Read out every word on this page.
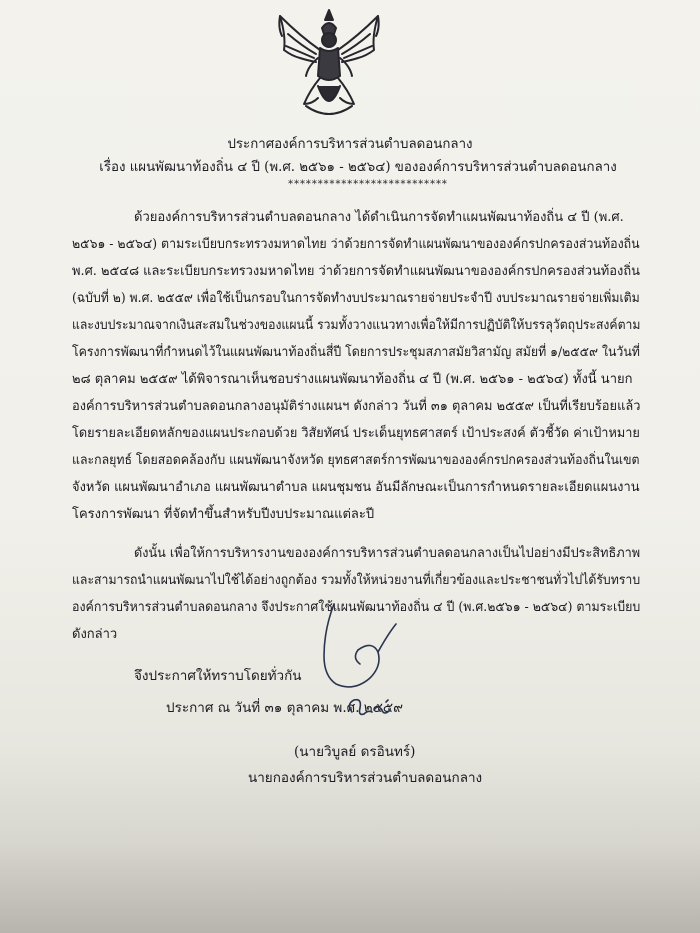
ประกาศองค์การบริหารส่วนตำบลดอนกลาง
เรื่อง แผนพัฒนาท้องถิ่น ๔ ปี (พ.ศ. ๒๕๖๑ - ๒๕๖๔) ขององค์การบริหารส่วนตำบลดอนกลาง
***************************
ด้วยองค์การบริหารส่วนตำบลดอนกลาง ได้ดำเนินการจัดทำแผนพัฒนาท้องถิ่น ๔ ปี (พ.ศ.
๒๕๖๑ - ๒๕๖๔) ตามระเบียบกระทรวงมหาดไทย ว่าด้วยการจัดทำแผนพัฒนาขององค์กรปกครองส่วนท้องถิ่น
พ.ศ. ๒๕๔๘ และระเบียบกระทรวงมหาดไทย ว่าด้วยการจัดทำแผนพัฒนาขององค์กรปกครองส่วนท้องถิ่น
(ฉบับที่ ๒) พ.ศ. ๒๕๕๙ เพื่อใช้เป็นกรอบในการจัดทำงบประมาณรายจ่ายประจำปี งบประมาณรายจ่ายเพิ่มเติม
และงบประมาณจากเงินสะสมในช่วงของแผนนี้ รวมทั้งวางแนวทางเพื่อให้มีการปฏิบัติให้บรรลุวัตถุประสงค์ตาม
โครงการพัฒนาที่กำหนดไว้ในแผนพัฒนาท้องถิ่นสี่ปี โดยการประชุมสภาสมัยวิสามัญ สมัยที่ ๑/๒๕๕๙ ในวันที่
๒๘ ตุลาคม ๒๕๕๙ ได้พิจารณาเห็นชอบร่างแผนพัฒนาท้องถิ่น ๔ ปี (พ.ศ. ๒๕๖๑ - ๒๕๖๔) ทั้งนี้ นายก
องค์การบริหารส่วนตำบลดอนกลางอนุมัติร่างแผนฯ ดังกล่าว วันที่ ๓๑ ตุลาคม ๒๕๕๙ เป็นที่เรียบร้อยแล้ว
โดยรายละเอียดหลักของแผนประกอบด้วย วิสัยทัศน์ ประเด็นยุทธศาสตร์ เป้าประสงค์ ตัวชี้วัด ค่าเป้าหมาย
และกลยุทธ์ โดยสอดคล้องกับ แผนพัฒนาจังหวัด ยุทธศาสตร์การพัฒนาขององค์กรปกครองส่วนท้องถิ่นในเขต
จังหวัด แผนพัฒนาอำเภอ แผนพัฒนาตำบล แผนชุมชน อันมีลักษณะเป็นการกำหนดรายละเอียดแผนงาน
โครงการพัฒนา ที่จัดทำขึ้นสำหรับปีงบประมาณแต่ละปี
ดังนั้น เพื่อให้การบริหารงานขององค์การบริหารส่วนตำบลดอนกลางเป็นไปอย่างมีประสิทธิภาพ
และสามารถนำแผนพัฒนาไปใช้ได้อย่างถูกต้อง รวมทั้งให้หน่วยงานที่เกี่ยวข้องและประชาชนทั่วไปได้รับทราบ
องค์การบริหารส่วนตำบลดอนกลาง จึงประกาศใช้แผนพัฒนาท้องถิ่น ๔ ปี (พ.ศ.๒๕๖๑ - ๒๕๖๔) ตามระเบียบ
ดังกล่าว
จึงประกาศให้ทราบโดยทั่วกัน
ประกาศ ณ วันที่ ๓๑ ตุลาคม พ.ศ. ๒๕๕๙
(นายวิบูลย์ ดรอินทร์)
นายกองค์การบริหารส่วนตำบลดอนกลาง
